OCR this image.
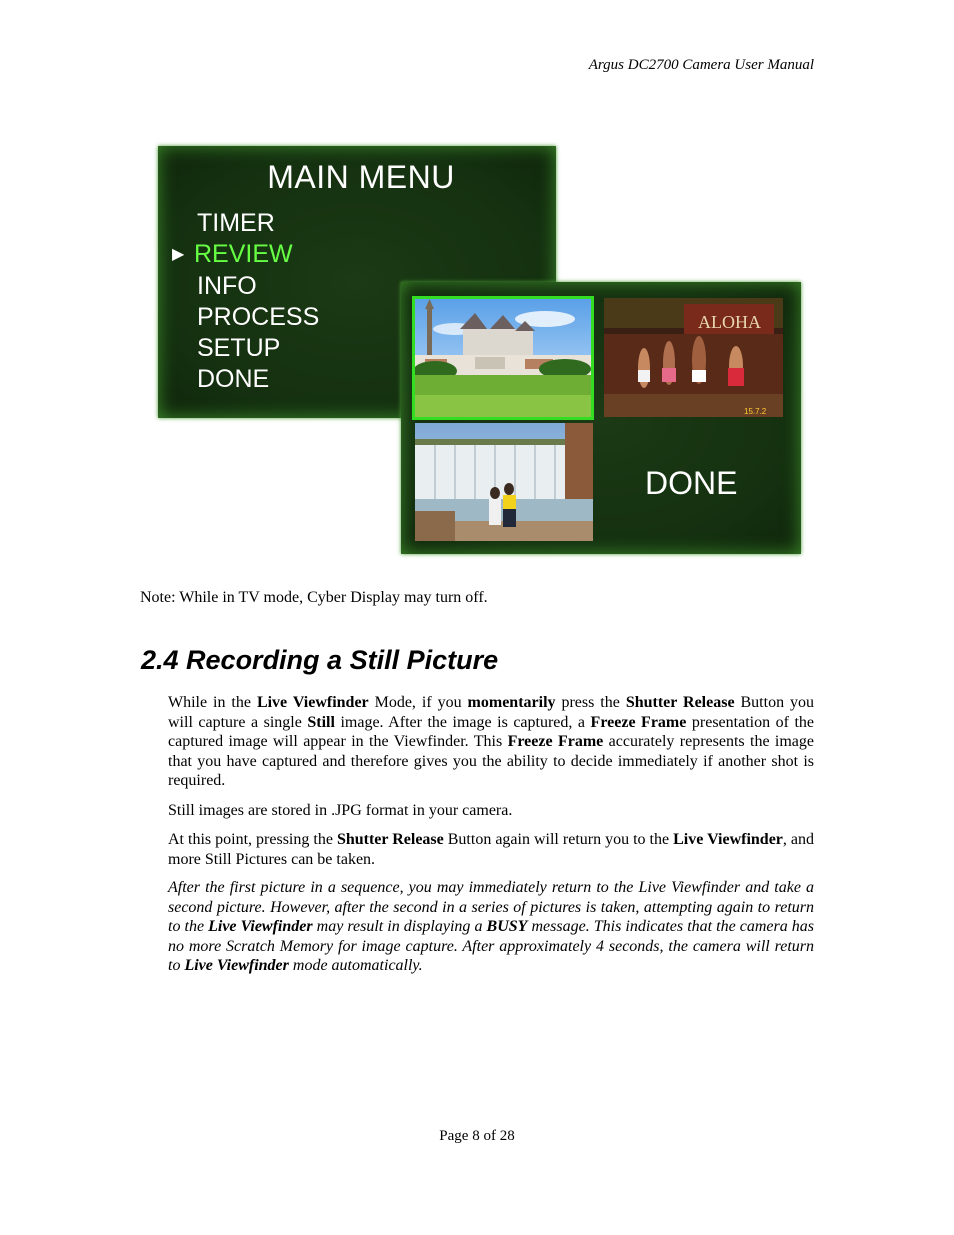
Argus DC2700 Camera User Manual
MAIN MENU
TIMER
▶ REVIEW
INFO
PROCESS
SETUP
DONE
ALOHA
15.7.2
DONE
Note: While in TV mode, Cyber Display may turn off.
2.4 Recording a Still Picture

While in the Live Viewfinder Mode, if you momentarily press the Shutter Release Button you will capture a single Still image. After the image is captured, a Freeze Frame presentation of the captured image will appear in the Viewfinder. This Freeze Frame accurately represents the image that you have captured and therefore gives you the ability to decide immediately if another shot is required.

Still images are stored in .JPG format in your camera.

At this point, pressing the Shutter Release Button again will return you to the Live Viewfinder, and more Still Pictures can be taken.

After the first picture in a sequence, you may immediately return to the Live Viewfinder and take a second picture. However, after the second in a series of pictures is taken, attempting again to return to the Live Viewfinder may result in displaying a BUSY message. This indicates that the camera has no more Scratch Memory for image capture. After approximately 4 seconds, the camera will return to Live Viewfinder mode automatically.

Page 8 of 28
